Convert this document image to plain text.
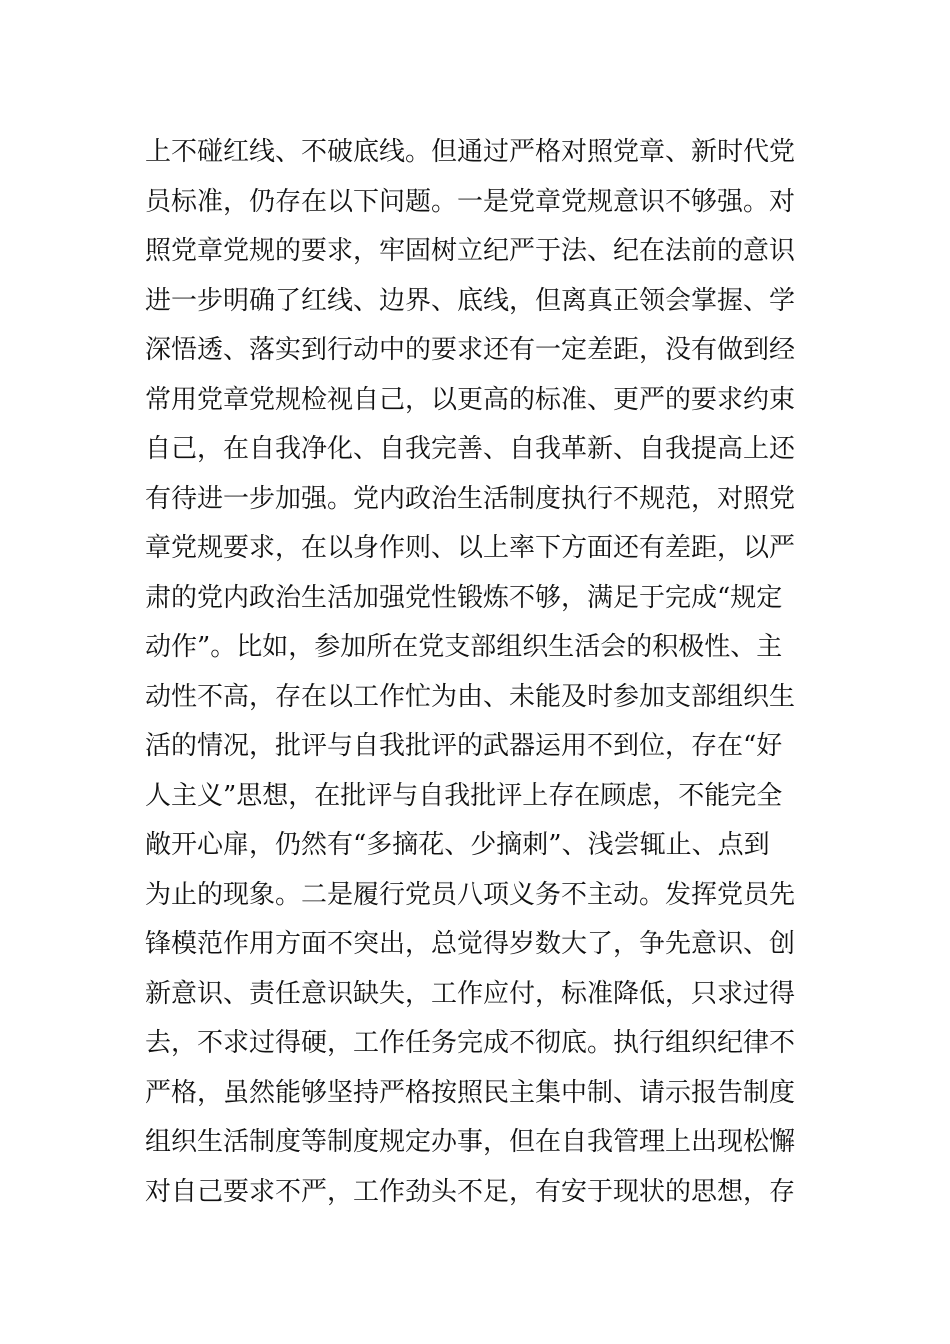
上不碰红线、不破底线。但通过严格对照党章、新时代党
员标准，仍存在以下问题。一是党章党规意识不够强。对
照党章党规的要求，牢固树立纪严于法、纪在法前的意识
进一步明确了红线、边界、底线，但离真正领会掌握、学
深悟透、落实到行动中的要求还有一定差距，没有做到经
常用党章党规检视自己，以更高的标准、更严的要求约束
自己，在自我净化、自我完善、自我革新、自我提高上还
有待进一步加强。党内政治生活制度执行不规范，对照党
章党规要求，在以身作则、以上率下方面还有差距，以严
肃的党内政治生活加强党性锻炼不够，满足于完成“规定
动作”。比如，参加所在党支部组织生活会的积极性、主
动性不高，存在以工作忙为由、未能及时参加支部组织生
活的情况，批评与自我批评的武器运用不到位，存在“好
人主义”思想，在批评与自我批评上存在顾虑，不能完全
敞开心扉，仍然有“多摘花、少摘刺”、浅尝辄止、点到
为止的现象。二是履行党员八项义务不主动。发挥党员先
锋模范作用方面不突出，总觉得岁数大了，争先意识、创
新意识、责任意识缺失，工作应付，标准降低，只求过得
去，不求过得硬，工作任务完成不彻底。执行组织纪律不
严格，虽然能够坚持严格按照民主集中制、请示报告制度
组织生活制度等制度规定办事，但在自我管理上出现松懈
对自己要求不严，工作劲头不足，有安于现状的思想，存
